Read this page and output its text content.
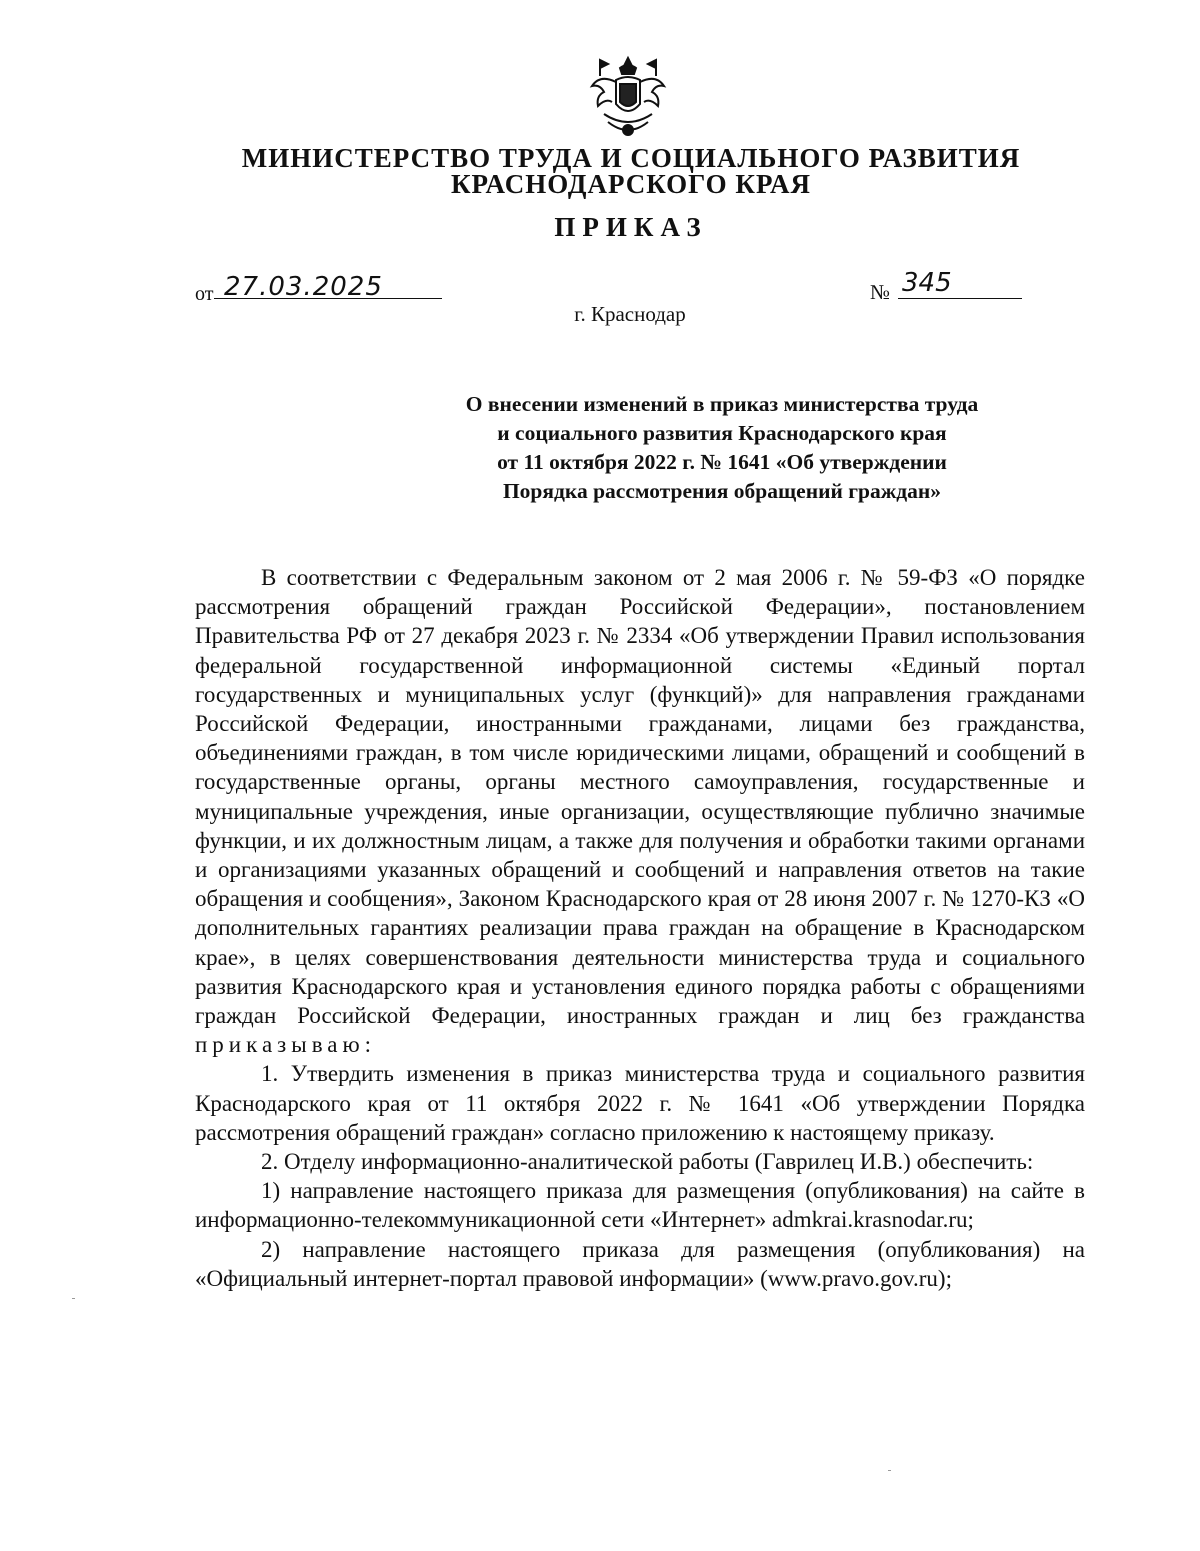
МИНИСТЕРСТВО ТРУДА И СОЦИАЛЬНОГО РАЗВИТИЯ
КРАСНОДАРСКОГО КРАЯ
ПРИКАЗ
от 27.03.2025	№ 345
г. Краснодар
О внесении изменений в приказ министерства труда
и социального развития Краснодарского края
от 11 октября 2022 г. № 1641 «Об утверждении
Порядка рассмотрения обращений граждан»
В соответствии с Федеральным законом от 2 мая 2006 г. № 59-ФЗ «О порядке рассмотрения обращений граждан Российской Федерации», постановлением Правительства РФ от 27 декабря 2023 г. № 2334 «Об утверждении Правил использования федеральной государственной информационной системы «Единый портал государственных и муниципальных услуг (функций)» для направления гражданами Российской Федерации, иностранными гражданами, лицами без гражданства, объединениями граждан, в том числе юридическими лицами, обращений и сообщений в государственные органы, органы местного самоуправления, государственные и муниципальные учреждения, иные организации, осуществляющие публично значимые функции, и их должностным лицам, а также для получения и обработки такими органами и организациями указанных обращений и сообщений и направления ответов на такие обращения и сообщения», Законом Краснодарского края от 28 июня 2007 г. № 1270-КЗ «О дополнительных гарантиях реализации права граждан на обращение в Краснодарском крае», в целях совершенствования деятельности министерства труда и социального развития Краснодарского края и установления единого порядка работы с обращениями граждан Российской Федерации, иностранных граждан и лиц без гражданства приказываю:
1. Утвердить изменения в приказ министерства труда и социального развития Краснодарского края от 11 октября 2022 г. № 1641 «Об утверждении Порядка рассмотрения обращений граждан» согласно приложению к настоящему приказу.
2. Отделу информационно-аналитической работы (Гаврилец И.В.) обеспечить:
1) направление настоящего приказа для размещения (опубликования) на сайте в информационно-телекоммуникационной сети «Интернет» admkrai.krasnodar.ru;
2) направление настоящего приказа для размещения (опубликования) на «Официальный интернет-портал правовой информации» (www.pravo.gov.ru);
